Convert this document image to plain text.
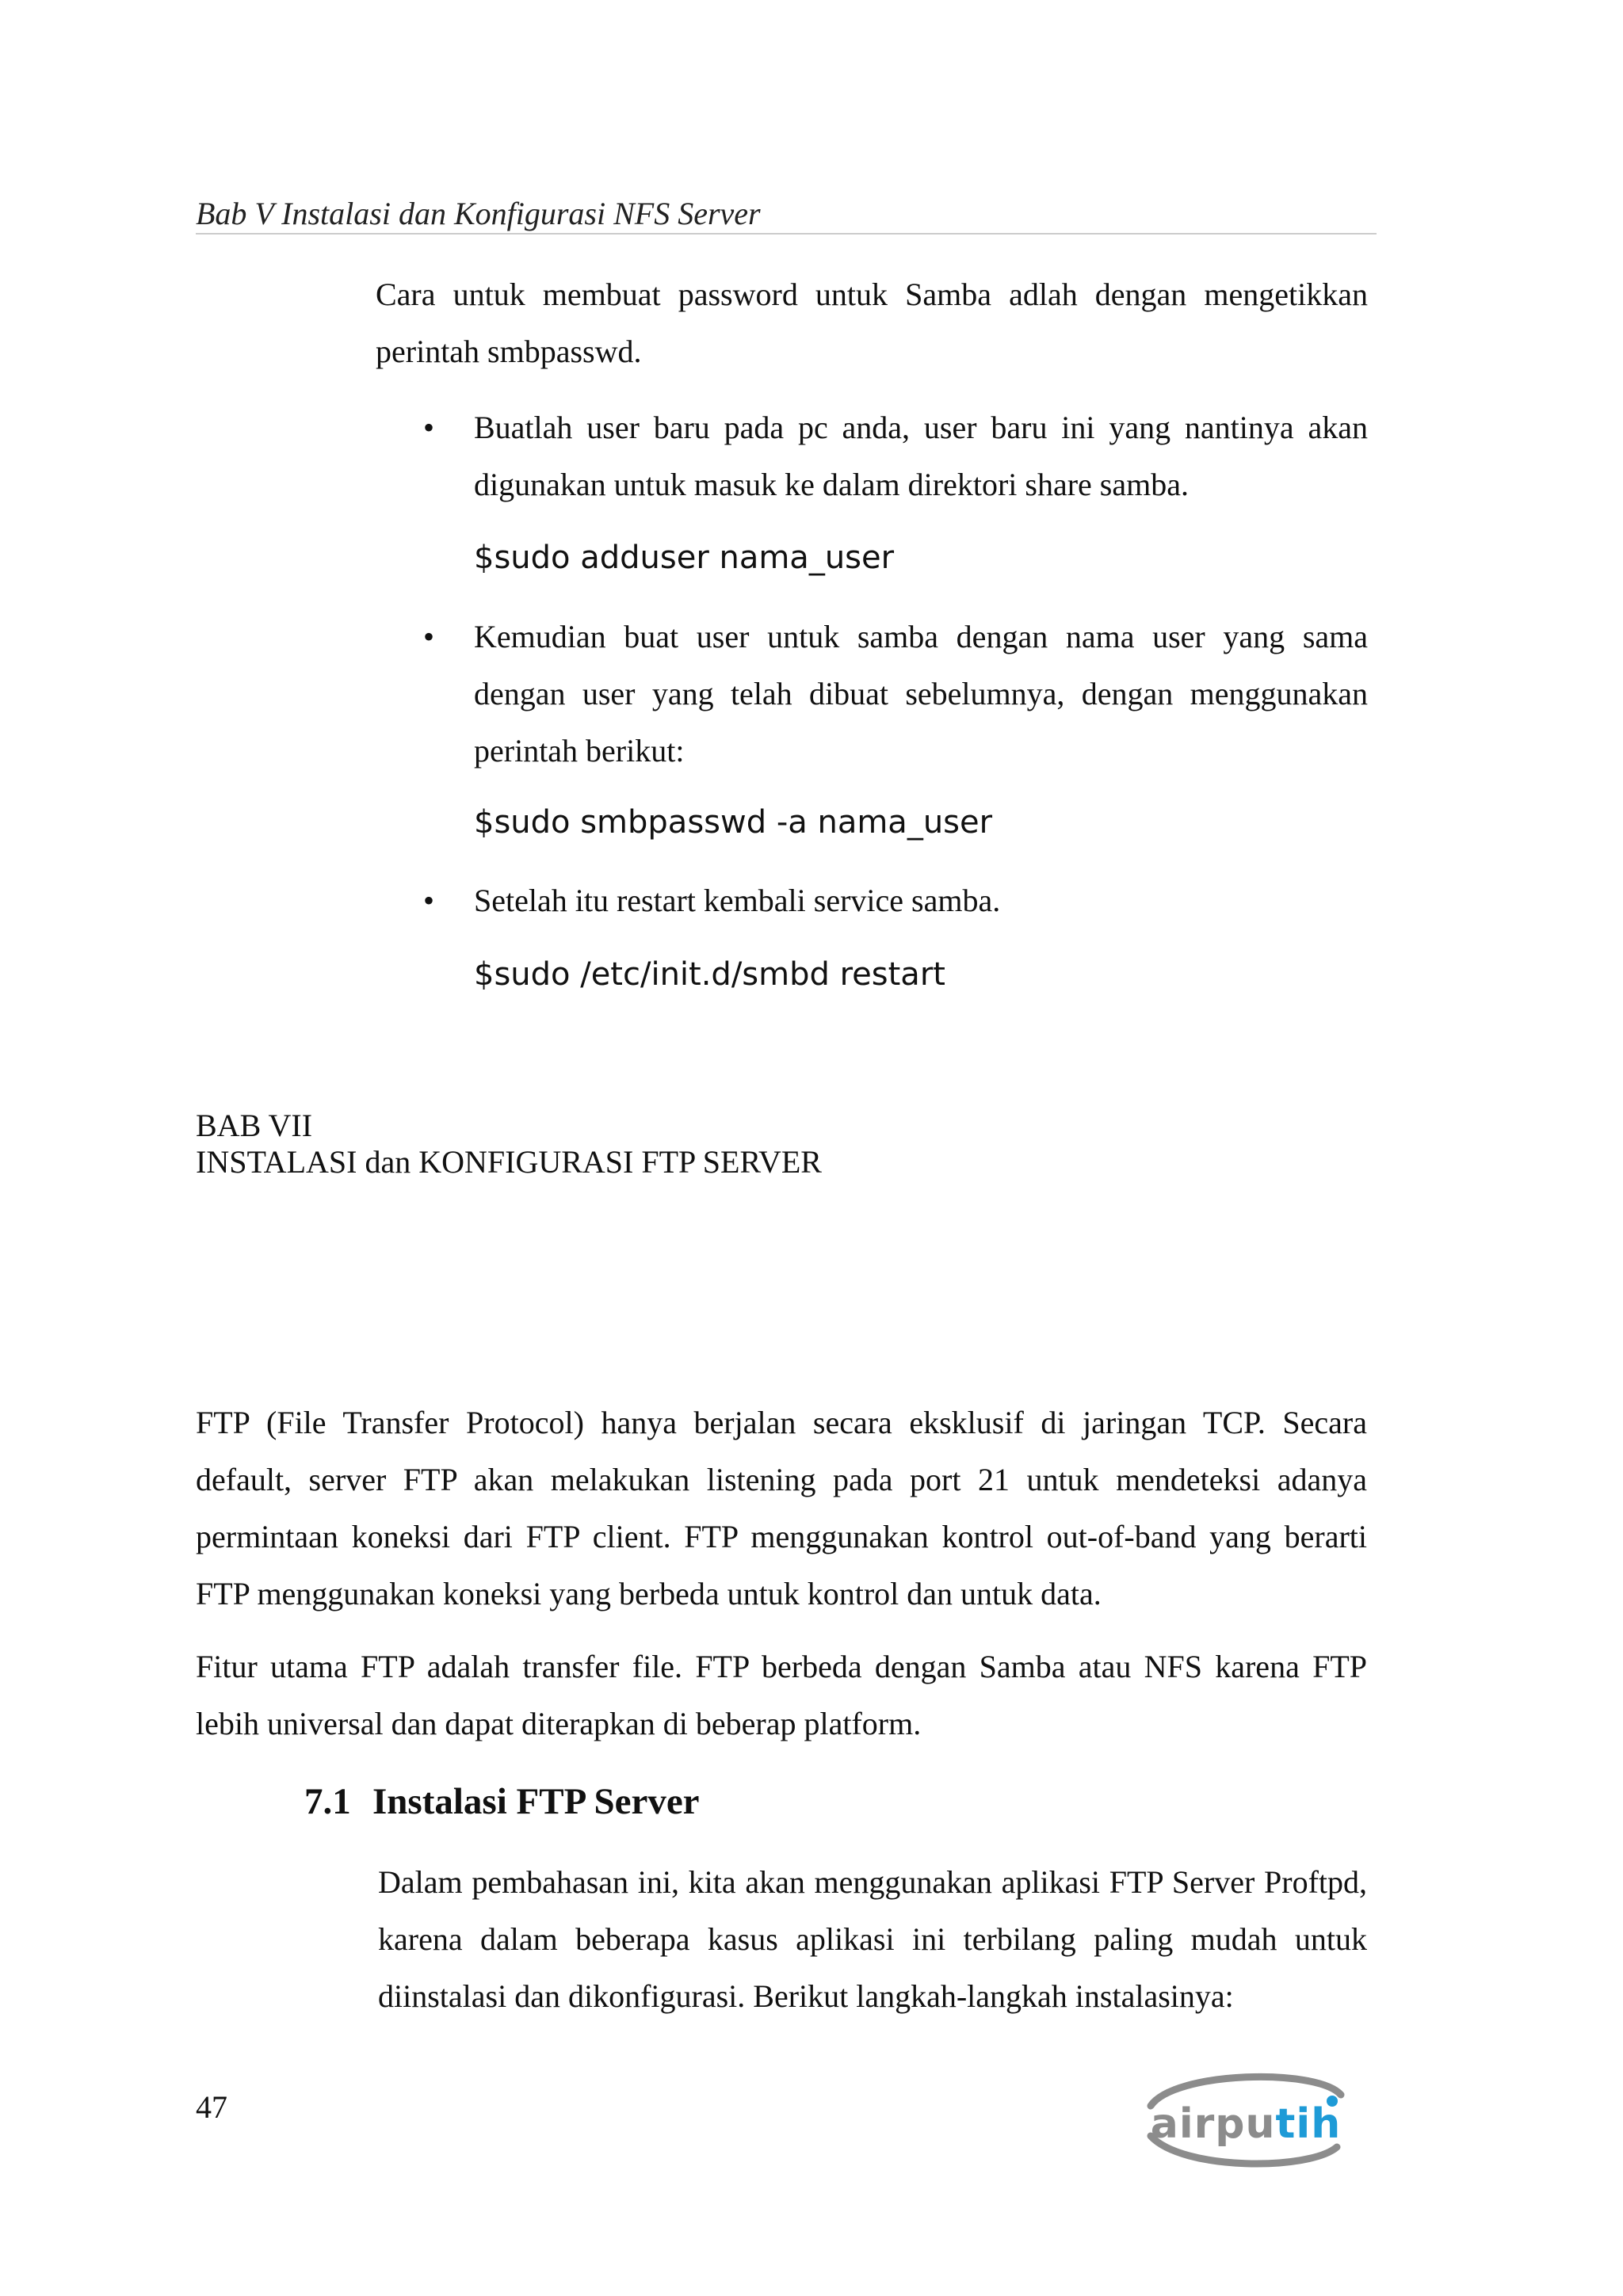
Bab V Instalasi dan Konfigurasi NFS Server
Cara untuk membuat password untuk Samba adlah dengan mengetikkan perintah smbpasswd.
• Buatlah user baru pada pc anda, user baru ini yang nantinya akan digunakan untuk masuk ke dalam direktori share samba.
$sudo adduser nama_user
• Kemudian buat user untuk samba dengan nama user yang sama dengan user yang telah dibuat sebelumnya, dengan menggunakan perintah berikut:
$sudo smbpasswd -a nama_user
• Setelah itu restart kembali service samba.
$sudo /etc/init.d/smbd restart
BAB VII
INSTALASI dan KONFIGURASI FTP SERVER
FTP (File Transfer Protocol) hanya berjalan secara eksklusif di jaringan TCP. Secara default, server FTP akan melakukan listening pada port 21 untuk mendeteksi adanya permintaan koneksi dari FTP client. FTP menggunakan kontrol out-of-band yang berarti FTP menggunakan koneksi yang berbeda untuk kontrol dan untuk data.
Fitur utama FTP adalah transfer file. FTP berbeda dengan Samba atau NFS karena FTP lebih universal dan dapat diterapkan di beberap platform.
7.1 Instalasi FTP Server
Dalam pembahasan ini, kita akan menggunakan aplikasi FTP Server Proftpd, karena dalam beberapa kasus aplikasi ini terbilang paling mudah untuk diinstalasi dan dikonfigurasi. Berikut langkah-langkah instalasinya:
47	airputih
